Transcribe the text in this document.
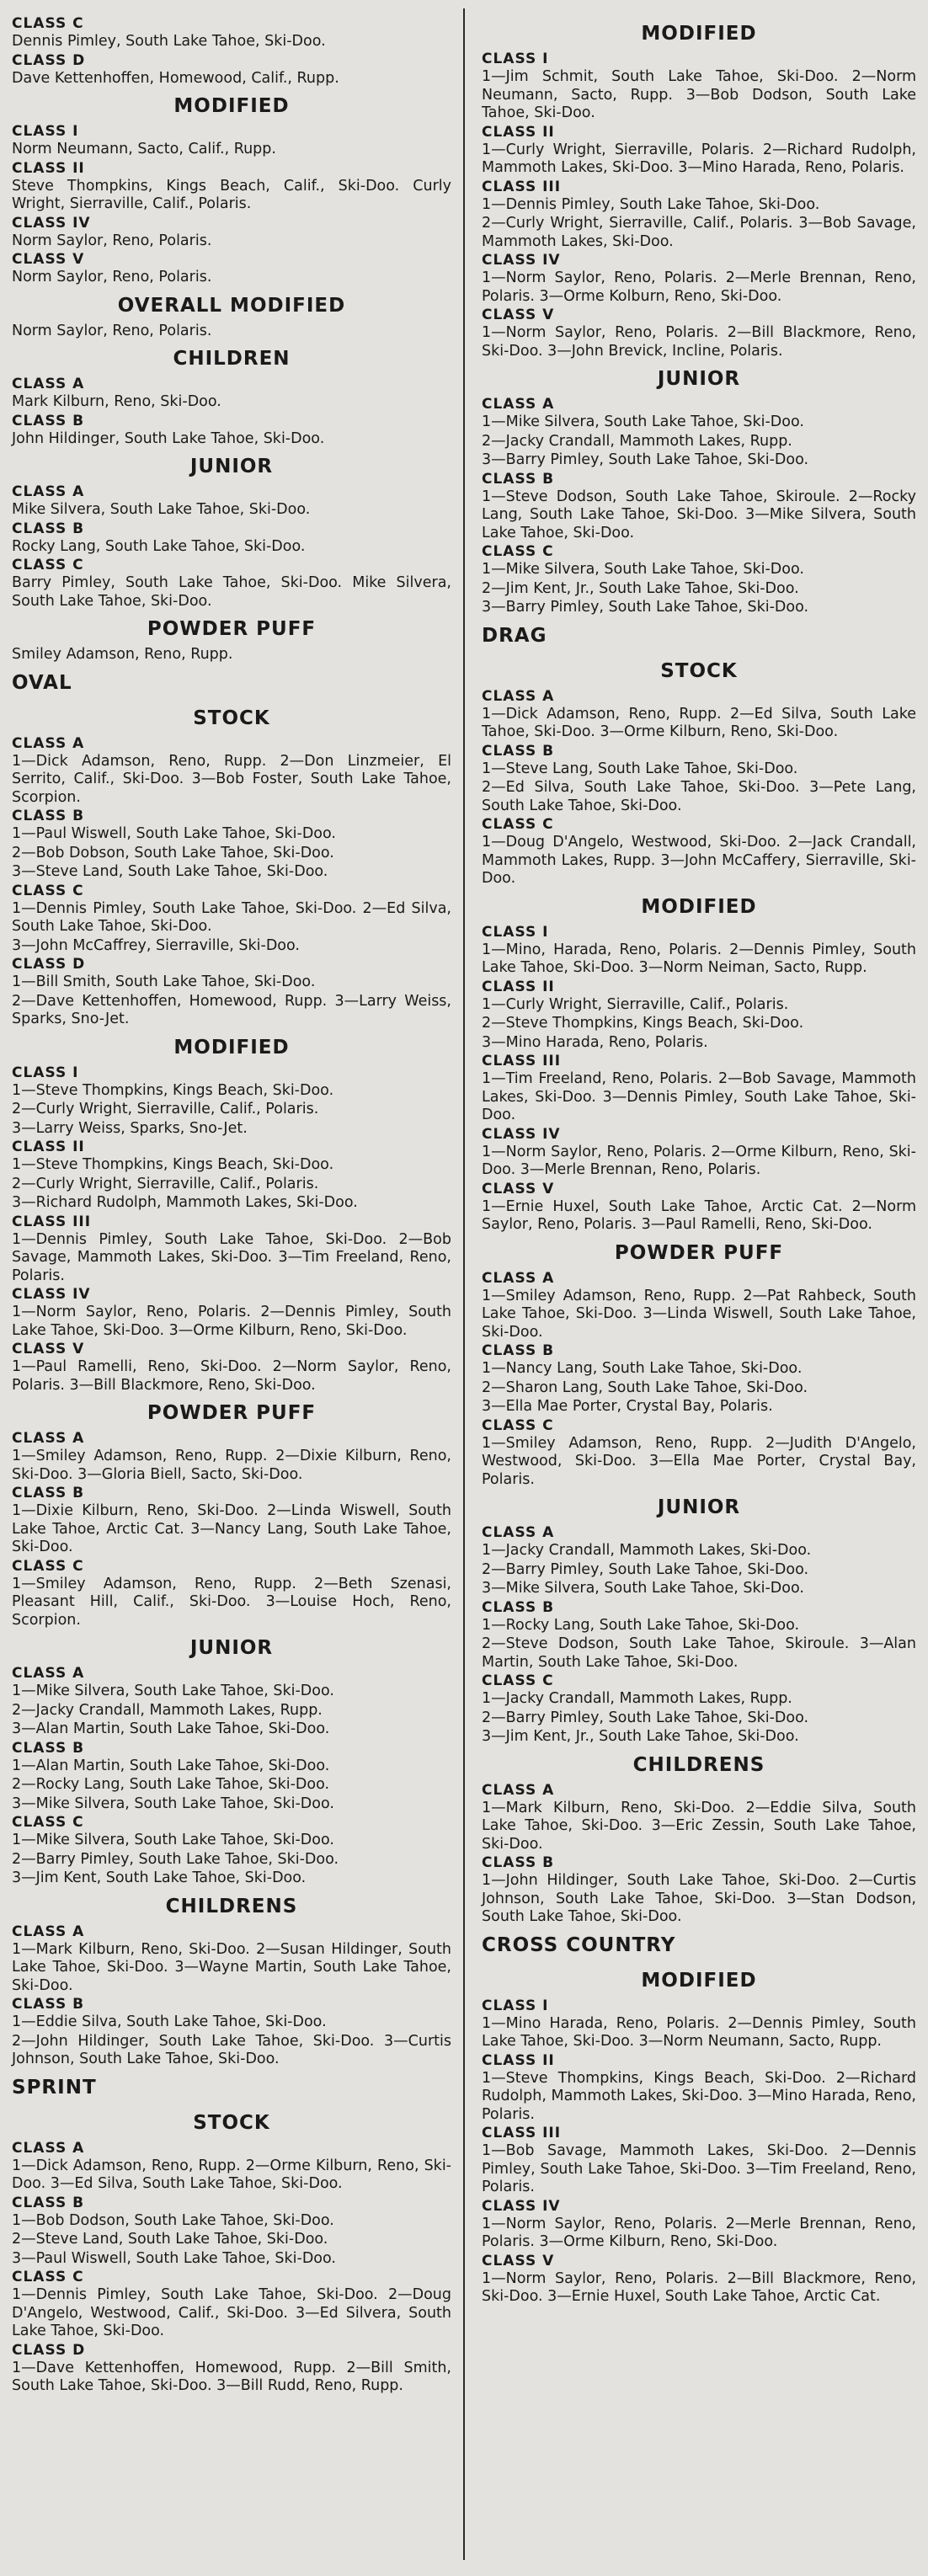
CLASS C
Dennis Pimley, South Lake Tahoe, Ski-Doo.
CLASS D
Dave Kettenhoffen, Homewood, Calif., Rupp.
MODIFIED
CLASS I
Norm Neumann, Sacto, Calif., Rupp.
CLASS II
Steve Thompkins, Kings Beach, Calif., Ski-Doo. Curly Wright, Sierraville, Calif., Polaris.
CLASS IV
Norm Saylor, Reno, Polaris.
CLASS V
Norm Saylor, Reno, Polaris.
OVERALL MODIFIED
Norm Saylor, Reno, Polaris.
CHILDREN
CLASS A
Mark Kilburn, Reno, Ski-Doo.
CLASS B
John Hildinger, South Lake Tahoe, Ski-Doo.
JUNIOR
CLASS A
Mike Silvera, South Lake Tahoe, Ski-Doo.
CLASS B
Rocky Lang, South Lake Tahoe, Ski-Doo.
CLASS C
Barry Pimley, South Lake Tahoe, Ski-Doo. Mike Silvera, South Lake Tahoe, Ski-Doo.
POWDER PUFF
Smiley Adamson, Reno, Rupp.
OVAL
STOCK
CLASS A
1—Dick Adamson, Reno, Rupp. 2—Don Linzmeier, El Serrito, Calif., Ski-Doo. 3—Bob Foster, South Lake Tahoe, Scorpion.
CLASS B
1—Paul Wiswell, South Lake Tahoe, Ski-Doo.
2—Bob Dobson, South Lake Tahoe, Ski-Doo.
3—Steve Land, South Lake Tahoe, Ski-Doo.
CLASS C
1—Dennis Pimley, South Lake Tahoe, Ski-Doo. 2—Ed Silva, South Lake Tahoe, Ski-Doo.
3—John McCaffrey, Sierraville, Ski-Doo.
CLASS D
1—Bill Smith, South Lake Tahoe, Ski-Doo.
2—Dave Kettenhoffen, Homewood, Rupp. 3—Larry Weiss, Sparks, Sno-Jet.
MODIFIED
CLASS I
1—Steve Thompkins, Kings Beach, Ski-Doo.
2—Curly Wright, Sierraville, Calif., Polaris.
3—Larry Weiss, Sparks, Sno-Jet.
CLASS II
1—Steve Thompkins, Kings Beach, Ski-Doo.
2—Curly Wright, Sierraville, Calif., Polaris.
3—Richard Rudolph, Mammoth Lakes, Ski-Doo.
CLASS III
1—Dennis Pimley, South Lake Tahoe, Ski-Doo. 2—Bob Savage, Mammoth Lakes, Ski-Doo. 3—Tim Freeland, Reno, Polaris.
CLASS IV
1—Norm Saylor, Reno, Polaris. 2—Dennis Pimley, South Lake Tahoe, Ski-Doo. 3—Orme Kilburn, Reno, Ski-Doo.
CLASS V
1—Paul Ramelli, Reno, Ski-Doo. 2—Norm Saylor, Reno, Polaris. 3—Bill Blackmore, Reno, Ski-Doo.
POWDER PUFF
CLASS A
1—Smiley Adamson, Reno, Rupp. 2—Dixie Kilburn, Reno, Ski-Doo. 3—Gloria Biell, Sacto, Ski-Doo.
CLASS B
1—Dixie Kilburn, Reno, Ski-Doo. 2—Linda Wiswell, South Lake Tahoe, Arctic Cat. 3—Nancy Lang, South Lake Tahoe, Ski-Doo.
CLASS C
1—Smiley Adamson, Reno, Rupp. 2—Beth Szenasi, Pleasant Hill, Calif., Ski-Doo. 3—Louise Hoch, Reno, Scorpion.
JUNIOR
CLASS A
1—Mike Silvera, South Lake Tahoe, Ski-Doo.
2—Jacky Crandall, Mammoth Lakes, Rupp.
3—Alan Martin, South Lake Tahoe, Ski-Doo.
CLASS B
1—Alan Martin, South Lake Tahoe, Ski-Doo.
2—Rocky Lang, South Lake Tahoe, Ski-Doo.
3—Mike Silvera, South Lake Tahoe, Ski-Doo.
CLASS C
1—Mike Silvera, South Lake Tahoe, Ski-Doo.
2—Barry Pimley, South Lake Tahoe, Ski-Doo.
3—Jim Kent, South Lake Tahoe, Ski-Doo.
CHILDRENS
CLASS A
1—Mark Kilburn, Reno, Ski-Doo. 2—Susan Hildinger, South Lake Tahoe, Ski-Doo. 3—Wayne Martin, South Lake Tahoe, Ski-Doo.
CLASS B
1—Eddie Silva, South Lake Tahoe, Ski-Doo.
2—John Hildinger, South Lake Tahoe, Ski-Doo. 3—Curtis Johnson, South Lake Tahoe, Ski-Doo.
SPRINT
STOCK
CLASS A
1—Dick Adamson, Reno, Rupp. 2—Orme Kilburn, Reno, Ski-Doo. 3—Ed Silva, South Lake Tahoe, Ski-Doo.
CLASS B
1—Bob Dodson, South Lake Tahoe, Ski-Doo.
2—Steve Land, South Lake Tahoe, Ski-Doo.
3—Paul Wiswell, South Lake Tahoe, Ski-Doo.
CLASS C
1—Dennis Pimley, South Lake Tahoe, Ski-Doo. 2—Doug D'Angelo, Westwood, Calif., Ski-Doo. 3—Ed Silvera, South Lake Tahoe, Ski-Doo.
CLASS D
1—Dave Kettenhoffen, Homewood, Rupp. 2—Bill Smith, South Lake Tahoe, Ski-Doo. 3—Bill Rudd, Reno, Rupp.
MODIFIED
CLASS I
1—Jim Schmit, South Lake Tahoe, Ski-Doo. 2—Norm Neumann, Sacto, Rupp. 3—Bob Dodson, South Lake Tahoe, Ski-Doo.
CLASS II
1—Curly Wright, Sierraville, Polaris. 2—Richard Rudolph, Mammoth Lakes, Ski-Doo. 3—Mino Harada, Reno, Polaris.
CLASS III
1—Dennis Pimley, South Lake Tahoe, Ski-Doo.
2—Curly Wright, Sierraville, Calif., Polaris. 3—Bob Savage, Mammoth Lakes, Ski-Doo.
CLASS IV
1—Norm Saylor, Reno, Polaris. 2—Merle Brennan, Reno, Polaris. 3—Orme Kolburn, Reno, Ski-Doo.
CLASS V
1—Norm Saylor, Reno, Polaris. 2—Bill Blackmore, Reno, Ski-Doo. 3—John Brevick, Incline, Polaris.
JUNIOR
CLASS A
1—Mike Silvera, South Lake Tahoe, Ski-Doo.
2—Jacky Crandall, Mammoth Lakes, Rupp.
3—Barry Pimley, South Lake Tahoe, Ski-Doo.
CLASS B
1—Steve Dodson, South Lake Tahoe, Skiroule. 2—Rocky Lang, South Lake Tahoe, Ski-Doo. 3—Mike Silvera, South Lake Tahoe, Ski-Doo.
CLASS C
1—Mike Silvera, South Lake Tahoe, Ski-Doo.
2—Jim Kent, Jr., South Lake Tahoe, Ski-Doo.
3—Barry Pimley, South Lake Tahoe, Ski-Doo.
DRAG
STOCK
CLASS A
1—Dick Adamson, Reno, Rupp. 2—Ed Silva, South Lake Tahoe, Ski-Doo. 3—Orme Kilburn, Reno, Ski-Doo.
CLASS B
1—Steve Lang, South Lake Tahoe, Ski-Doo.
2—Ed Silva, South Lake Tahoe, Ski-Doo. 3—Pete Lang, South Lake Tahoe, Ski-Doo.
CLASS C
1—Doug D'Angelo, Westwood, Ski-Doo. 2—Jack Crandall, Mammoth Lakes, Rupp. 3—John McCaffery, Sierraville, Ski-Doo.
MODIFIED
CLASS I
1—Mino, Harada, Reno, Polaris. 2—Dennis Pimley, South Lake Tahoe, Ski-Doo. 3—Norm Neiman, Sacto, Rupp.
CLASS II
1—Curly Wright, Sierraville, Calif., Polaris.
2—Steve Thompkins, Kings Beach, Ski-Doo.
3—Mino Harada, Reno, Polaris.
CLASS III
1—Tim Freeland, Reno, Polaris. 2—Bob Savage, Mammoth Lakes, Ski-Doo. 3—Dennis Pimley, South Lake Tahoe, Ski-Doo.
CLASS IV
1—Norm Saylor, Reno, Polaris. 2—Orme Kilburn, Reno, Ski-Doo. 3—Merle Brennan, Reno, Polaris.
CLASS V
1—Ernie Huxel, South Lake Tahoe, Arctic Cat. 2—Norm Saylor, Reno, Polaris. 3—Paul Ramelli, Reno, Ski-Doo.
POWDER PUFF
CLASS A
1—Smiley Adamson, Reno, Rupp. 2—Pat Rahbeck, South Lake Tahoe, Ski-Doo. 3—Linda Wiswell, South Lake Tahoe, Ski-Doo.
CLASS B
1—Nancy Lang, South Lake Tahoe, Ski-Doo.
2—Sharon Lang, South Lake Tahoe, Ski-Doo.
3—Ella Mae Porter, Crystal Bay, Polaris.
CLASS C
1—Smiley Adamson, Reno, Rupp. 2—Judith D'Angelo, Westwood, Ski-Doo. 3—Ella Mae Porter, Crystal Bay, Polaris.
JUNIOR
CLASS A
1—Jacky Crandall, Mammoth Lakes, Ski-Doo.
2—Barry Pimley, South Lake Tahoe, Ski-Doo.
3—Mike Silvera, South Lake Tahoe, Ski-Doo.
CLASS B
1—Rocky Lang, South Lake Tahoe, Ski-Doo.
2—Steve Dodson, South Lake Tahoe, Skiroule. 3—Alan Martin, South Lake Tahoe, Ski-Doo.
CLASS C
1—Jacky Crandall, Mammoth Lakes, Rupp.
2—Barry Pimley, South Lake Tahoe, Ski-Doo.
3—Jim Kent, Jr., South Lake Tahoe, Ski-Doo.
CHILDRENS
CLASS A
1—Mark Kilburn, Reno, Ski-Doo. 2—Eddie Silva, South Lake Tahoe, Ski-Doo. 3—Eric Zessin, South Lake Tahoe, Ski-Doo.
CLASS B
1—John Hildinger, South Lake Tahoe, Ski-Doo. 2—Curtis Johnson, South Lake Tahoe, Ski-Doo. 3—Stan Dodson, South Lake Tahoe, Ski-Doo.
CROSS COUNTRY
MODIFIED
CLASS I
1—Mino Harada, Reno, Polaris. 2—Dennis Pimley, South Lake Tahoe, Ski-Doo. 3—Norm Neumann, Sacto, Rupp.
CLASS II
1—Steve Thompkins, Kings Beach, Ski-Doo. 2—Richard Rudolph, Mammoth Lakes, Ski-Doo. 3—Mino Harada, Reno, Polaris.
CLASS III
1—Bob Savage, Mammoth Lakes, Ski-Doo. 2—Dennis Pimley, South Lake Tahoe, Ski-Doo. 3—Tim Freeland, Reno, Polaris.
CLASS IV
1—Norm Saylor, Reno, Polaris. 2—Merle Brennan, Reno, Polaris. 3—Orme Kilburn, Reno, Ski-Doo.
CLASS V
1—Norm Saylor, Reno, Polaris. 2—Bill Blackmore, Reno, Ski-Doo. 3—Ernie Huxel, South Lake Tahoe, Arctic Cat.
